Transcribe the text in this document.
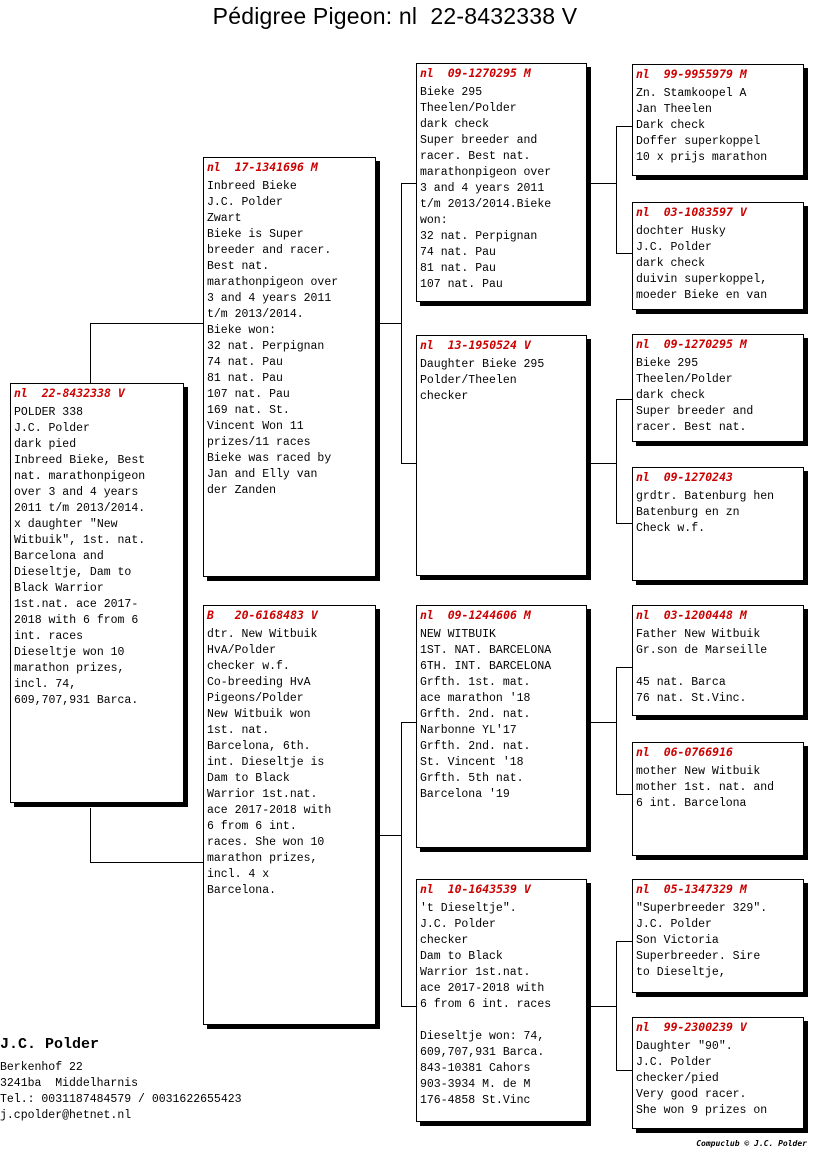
Pédigree Pigeon: nl  22-8432338 V
nl  22-8432338 V
POLDER 338
J.C. Polder
dark pied
Inbreed Bieke, Best
nat. marathonpigeon
over 3 and 4 years
2011 t/m 2013/2014.
x daughter "New
Witbuik", 1st. nat.
Barcelona and
Dieseltje, Dam to
Black Warrior
1st.nat. ace 2017-
2018 with 6 from 6
int. races
Dieseltje won 10
marathon prizes,
incl. 74,
609,707,931 Barca.
nl  17-1341696 M
Inbreed Bieke
J.C. Polder
Zwart
Bieke is Super
breeder and racer.
Best nat.
marathonpigeon over
3 and 4 years 2011
t/m 2013/2014.
Bieke won:
32 nat. Perpignan
74 nat. Pau
81 nat. Pau
107 nat. Pau
169 nat. St.
Vincent Won 11
prizes/11 races
Bieke was raced by
Jan and Elly van
der Zanden
B   20-6168483 V
dtr. New Witbuik
HvA/Polder
checker w.f.
Co-breeding HvA
Pigeons/Polder
New Witbuik won
1st. nat.
Barcelona, 6th.
int. Dieseltje is
Dam to Black
Warrior 1st.nat.
ace 2017-2018 with
6 from 6 int.
races. She won 10
marathon prizes,
incl. 4 x
Barcelona.
nl  09-1270295 M
Bieke 295
Theelen/Polder
dark check
Super breeder and
racer. Best nat.
marathonpigeon over
3 and 4 years 2011
t/m 2013/2014.Bieke
won:
32 nat. Perpignan
74 nat. Pau
81 nat. Pau
107 nat. Pau
nl  13-1950524 V
Daughter Bieke 295
Polder/Theelen
checker
nl  09-1244606 M
NEW WITBUIK
1ST. NAT. BARCELONA
6TH. INT. BARCELONA
Grfth. 1st. mat.
ace marathon '18
Grfth. 2nd. nat.
Narbonne YL'17
Grfth. 2nd. nat.
St. Vincent '18
Grfth. 5th nat.
Barcelona '19
nl  10-1643539 V
't Dieseltje".
J.C. Polder
checker
Dam to Black
Warrior 1st.nat.
ace 2017-2018 with
6 from 6 int. races
Dieseltje won: 74,
609,707,931 Barca.
843-10381 Cahors
903-3934 M. de M
176-4858 St.Vinc
nl  99-9955979 M
Zn. Stamkoopel A
Jan Theelen
Dark check
Doffer superkoppel
10 x prijs marathon
nl  03-1083597 V
dochter Husky
J.C. Polder
dark check
duivin superkoppel,
moeder Bieke en van
nl  09-1270295 M
Bieke 295
Theelen/Polder
dark check
Super breeder and
racer. Best nat.
nl  09-1270243
grdtr. Batenburg hen
Batenburg en zn
Check w.f.
nl  03-1200448 M
Father New Witbuik
Gr.son de Marseille
45 nat. Barca
76 nat. St.Vinc.
nl  06-0766916
mother New Witbuik
mother 1st. nat. and
6 int. Barcelona
nl  05-1347329 M
"Superbreeder 329".
J.C. Polder
Son Victoria
Superbreeder. Sire
to Dieseltje,
nl  99-2300239 V
Daughter "90".
J.C. Polder
checker/pied
Very good racer.
She won 9 prizes on
J.C. Polder
Berkenhof 22
3241ba  Middelharnis
Tel.: 0031187484579 / 0031622655423
j.cpolder@hetnet.nl
Compuclub © J.C. Polder
